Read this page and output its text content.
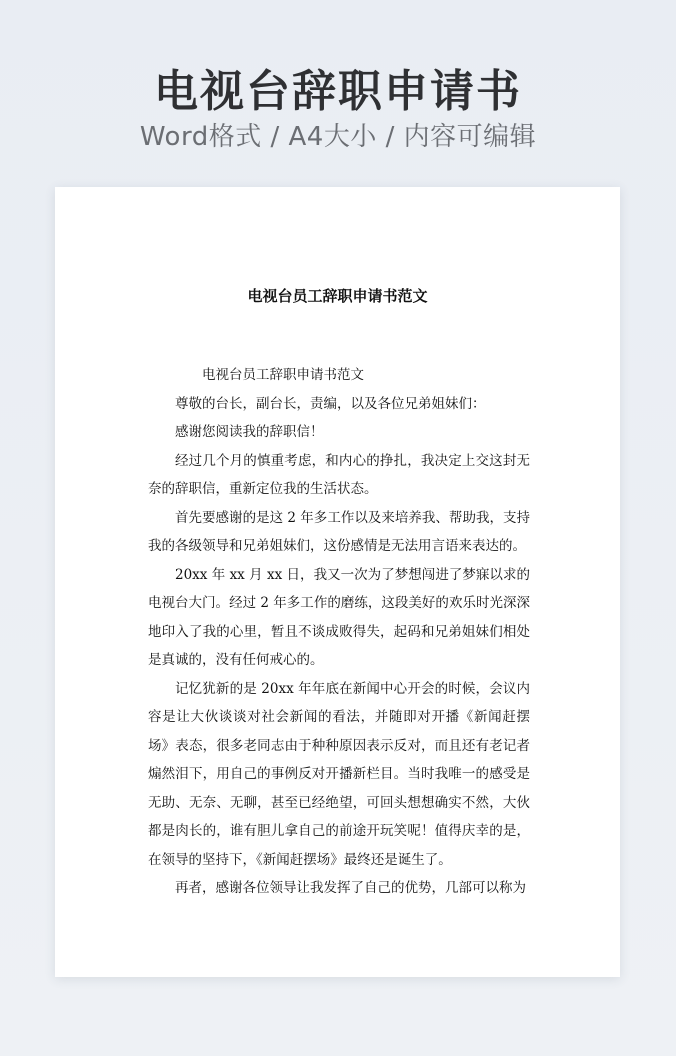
电视台辞职申请书
Word格式 / A4大小 / 内容可编辑
电视台员工辞职申请书范文

电视台员工辞职申请书范文

尊敬的台长，副台长，责编，以及各位兄弟姐妹们：

感谢您阅读我的辞职信！

经过几个月的慎重考虑，和内心的挣扎，我决定上交这封无奈的辞职信，重新定位我的生活状态。

首先要感谢的是这 2 年多工作以及来培养我、帮助我，支持我的各级领导和兄弟姐妹们，这份感情是无法用言语来表达的。

20xx 年 xx 月 xx 日，我又一次为了梦想闯进了梦寐以求的电视台大门。经过 2 年多工作的磨练，这段美好的欢乐时光深深地印入了我的心里，暂且不谈成败得失，起码和兄弟姐妹们相处是真诚的，没有任何戒心的。

记忆犹新的是 20xx 年年底在新闻中心开会的时候，会议内容是让大伙谈谈对社会新闻的看法，并随即对开播《新闻赶摆场》表态，很多老同志由于种种原因表示反对，而且还有老记者煽然泪下，用自己的事例反对开播新栏目。当时我唯一的感受是无助、无奈、无聊，甚至已经绝望，可回头想想确实不然，大伙都是肉长的，谁有胆儿拿自己的前途开玩笑呢！值得庆幸的是，在领导的坚持下，《新闻赶摆场》最终还是诞生了。

再者，感谢各位领导让我发挥了自己的优势，几部可以称为
